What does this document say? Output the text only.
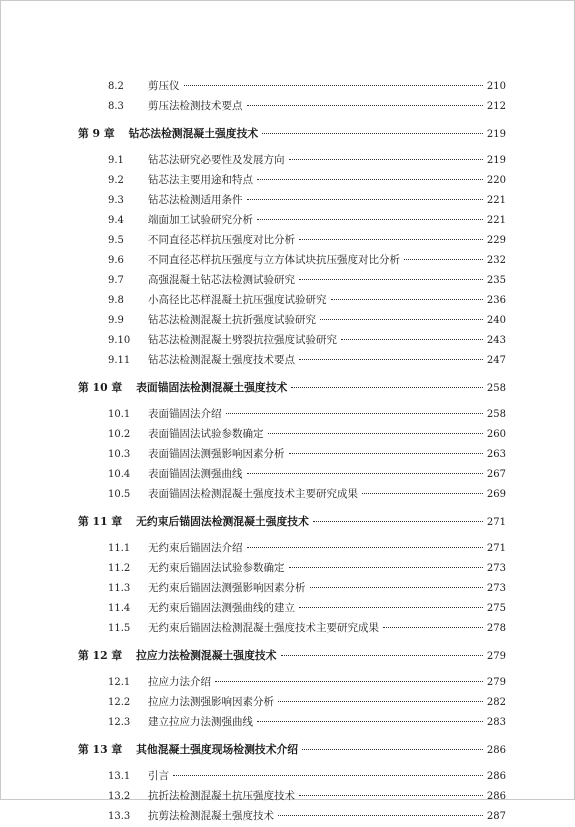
8.2	剪压仪	210
8.3	剪压法检测技术要点	212
第 9 章	钻芯法检测混凝土强度技术	219
9.1	钻芯法研究必要性及发展方向	219
9.2	钻芯法主要用途和特点	220
9.3	钻芯法检测适用条件	221
9.4	端面加工试验研究分析	221
9.5	不同直径芯样抗压强度对比分析	229
9.6	不同直径芯样抗压强度与立方体试块抗压强度对比分析	232
9.7	高强混凝土钻芯法检测试验研究	235
9.8	小高径比芯样混凝土抗压强度试验研究	236
9.9	钻芯法检测混凝土抗折强度试验研究	240
9.10	钻芯法检测混凝土劈裂抗拉强度试验研究	243
9.11	钻芯法检测混凝土强度技术要点	247
第 10 章	表面锚固法检测混凝土强度技术	258
10.1	表面锚固法介绍	258
10.2	表面锚固法试验参数确定	260
10.3	表面锚固法测强影响因素分析	263
10.4	表面锚固法测强曲线	267
10.5	表面锚固法检测混凝土强度技术主要研究成果	269
第 11 章	无约束后锚固法检测混凝土强度技术	271
11.1	无约束后锚固法介绍	271
11.2	无约束后锚固法试验参数确定	273
11.3	无约束后锚固法测强影响因素分析	273
11.4	无约束后锚固法测强曲线的建立	275
11.5	无约束后锚固法检测混凝土强度技术主要研究成果	278
第 12 章	拉应力法检测混凝土强度技术	279
12.1	拉应力法介绍	279
12.2	拉应力法测强影响因素分析	282
12.3	建立拉应力法测强曲线	283
第 13 章	其他混凝土强度现场检测技术介绍	286
13.1	引言	286
13.2	抗折法检测混凝土抗压强度技术	286
13.3	抗剪法检测混凝土强度技术	287
